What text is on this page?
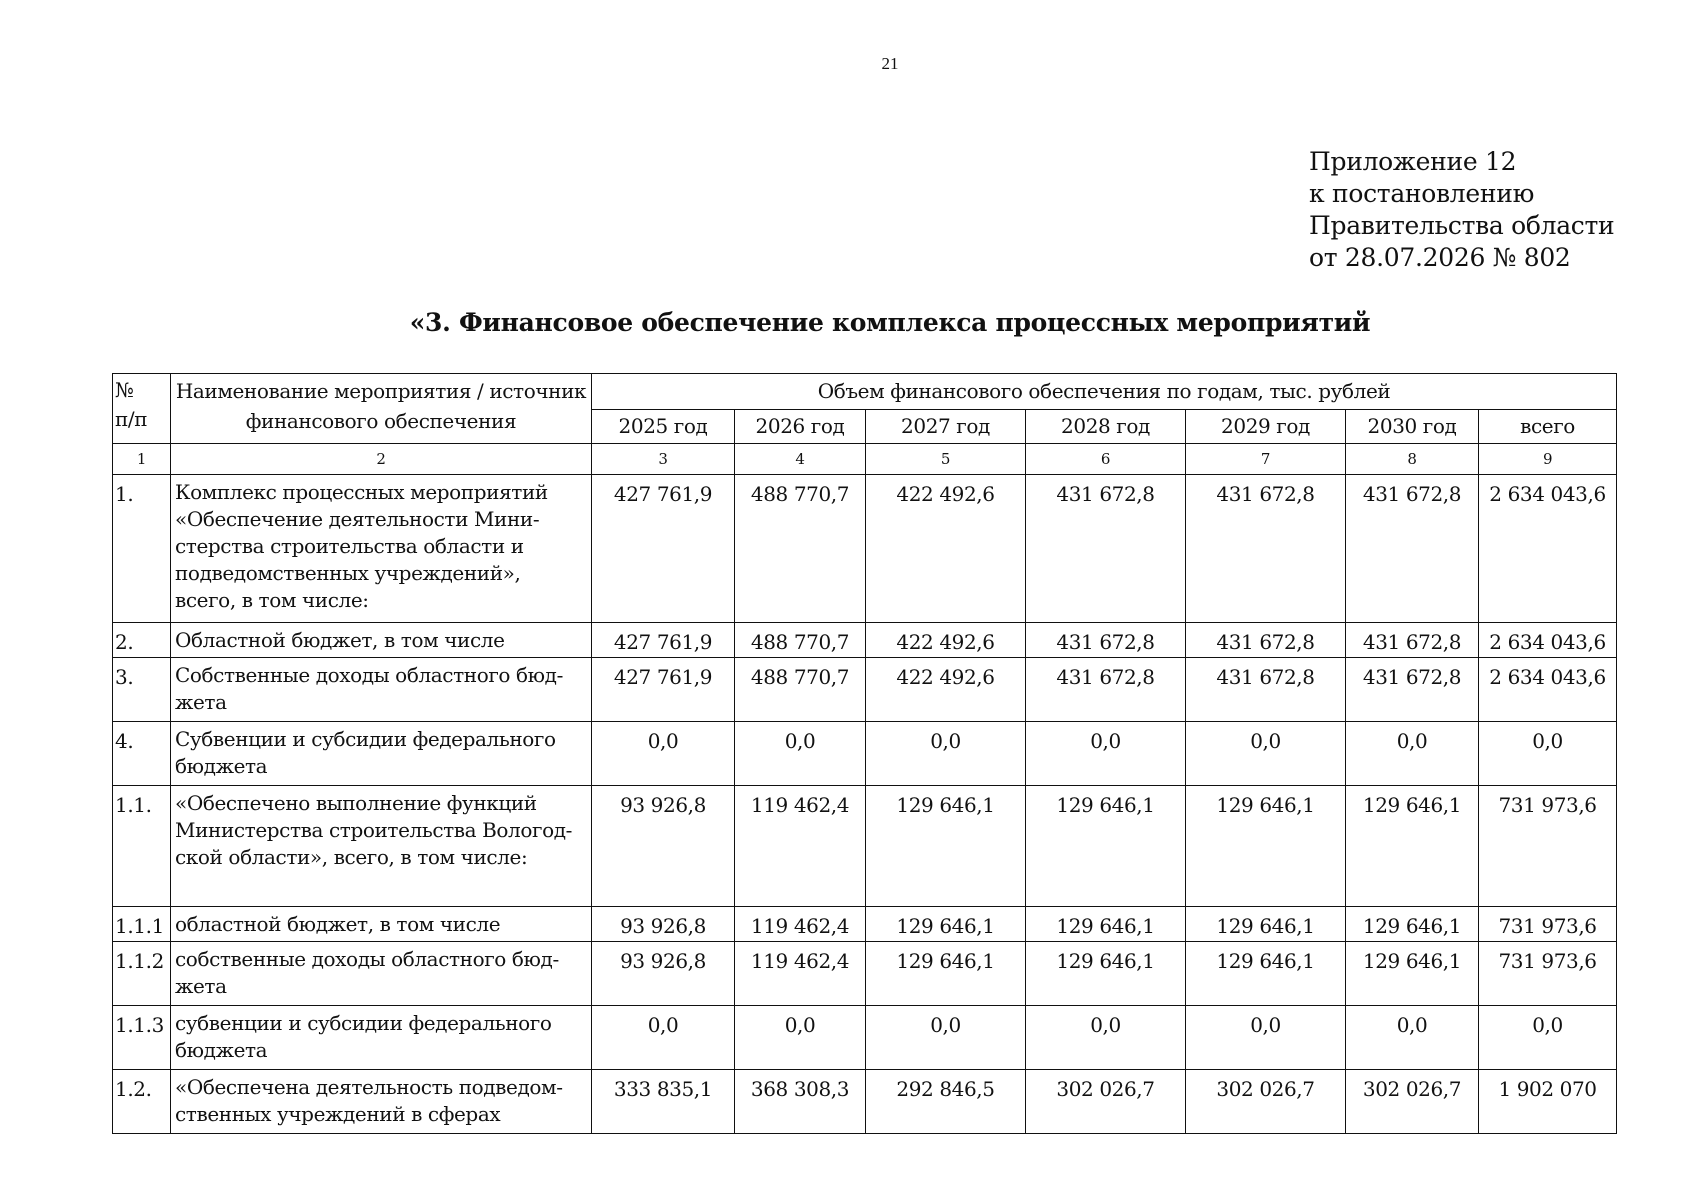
21
Приложение 12
к постановлению
Правительства области
от 28.07.2026 № 802
«3. Финансовое обеспечение комплекса процессных мероприятий
№
п/п	Наименование мероприятия / источник финансового обеспечения	Объем финансового обеспечения по годам, тыс. рублей						
		2025 год	2026 год	2027 год	2028 год	2029 год	2030 год	всего
1	2	3	4	5	6	7	8	9
1.	Комплекс процессных мероприятий «Обеспечение деятельности Министерства строительства области и подведомственных учреждений», всего, в том числе:	427 761,9	488 770,7	422 492,6	431 672,8	431 672,8	431 672,8	2 634 043,6
2.	Областной бюджет, в том числе	427 761,9	488 770,7	422 492,6	431 672,8	431 672,8	431 672,8	2 634 043,6
3.	Собственные доходы областного бюджета	427 761,9	488 770,7	422 492,6	431 672,8	431 672,8	431 672,8	2 634 043,6
4.	Субвенции и субсидии федерального бюджета	0,0	0,0	0,0	0,0	0,0	0,0	0,0
1.1.	«Обеспечено выполнение функций Министерства строительства Вологодской области», всего, в том числе:	93 926,8	119 462,4	129 646,1	129 646,1	129 646,1	129 646,1	731 973,6
1.1.1	областной бюджет, в том числе	93 926,8	119 462,4	129 646,1	129 646,1	129 646,1	129 646,1	731 973,6
1.1.2	собственные доходы областного бюджета	93 926,8	119 462,4	129 646,1	129 646,1	129 646,1	129 646,1	731 973,6
1.1.3	субвенции и субсидии федерального бюджета	0,0	0,0	0,0	0,0	0,0	0,0	0,0
1.2.	«Обеспечена деятельность подведомственных учреждений в сферах	333 835,1	368 308,3	292 846,5	302 026,7	302 026,7	302 026,7	1 902 070
